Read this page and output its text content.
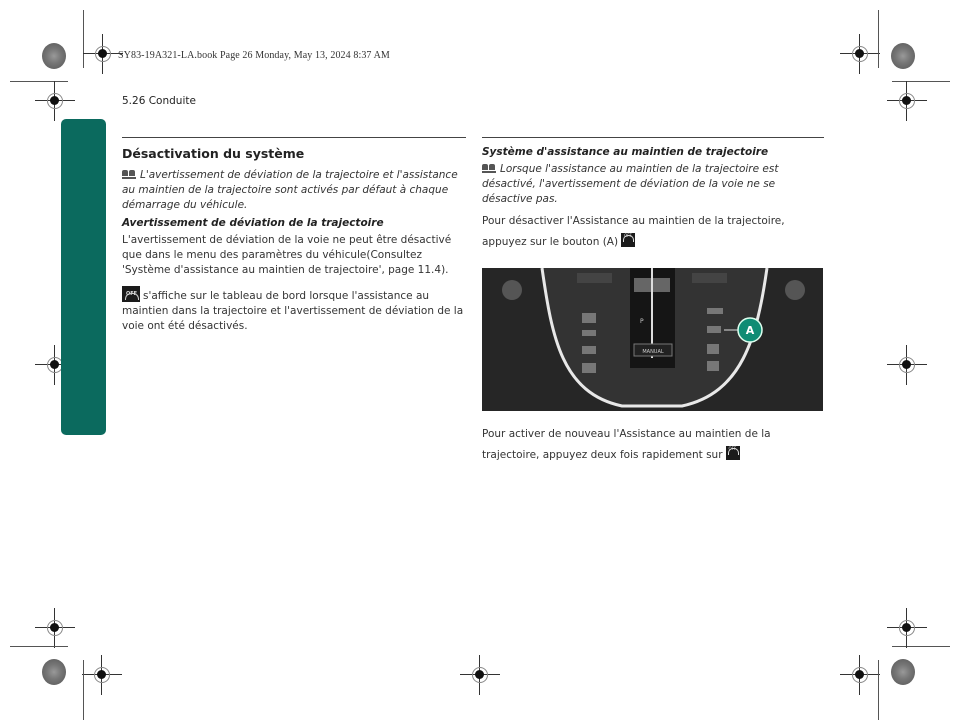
SY83-19A321-LA.book Page 26 Monday, May 13, 2024 8:37 AM
5.26 Conduite
Désactivation du système

L'avertissement de déviation de la trajectoire et l'assistance au maintien de la trajectoire sont activés par défaut à chaque démarrage du véhicule.

Avertissement de déviation de la trajectoire

L'avertissement de déviation de la voie ne peut être désactivé que dans le menu des paramètres du véhicule(Consultez 'Système d'assistance au maintien de trajectoire', page 11.4).

OFF s'affiche sur le tableau de bord lorsque l'assistance au maintien dans la trajectoire et l'avertissement de déviation de la voie ont été désactivés.

Système d'assistance au maintien de trajectoire

Lorsque l'assistance au maintien de la trajectoire est désactivé, l'avertissement de déviation de la voie ne se désactive pas.

Pour désactiver l'Assistance au maintien de la trajectoire, appuyez sur le bouton (A)
OFF

MANUAL
P
A

Pour activer de nouveau l'Assistance au maintien de la trajectoire, appuyez deux fois rapidement sur
OFF
